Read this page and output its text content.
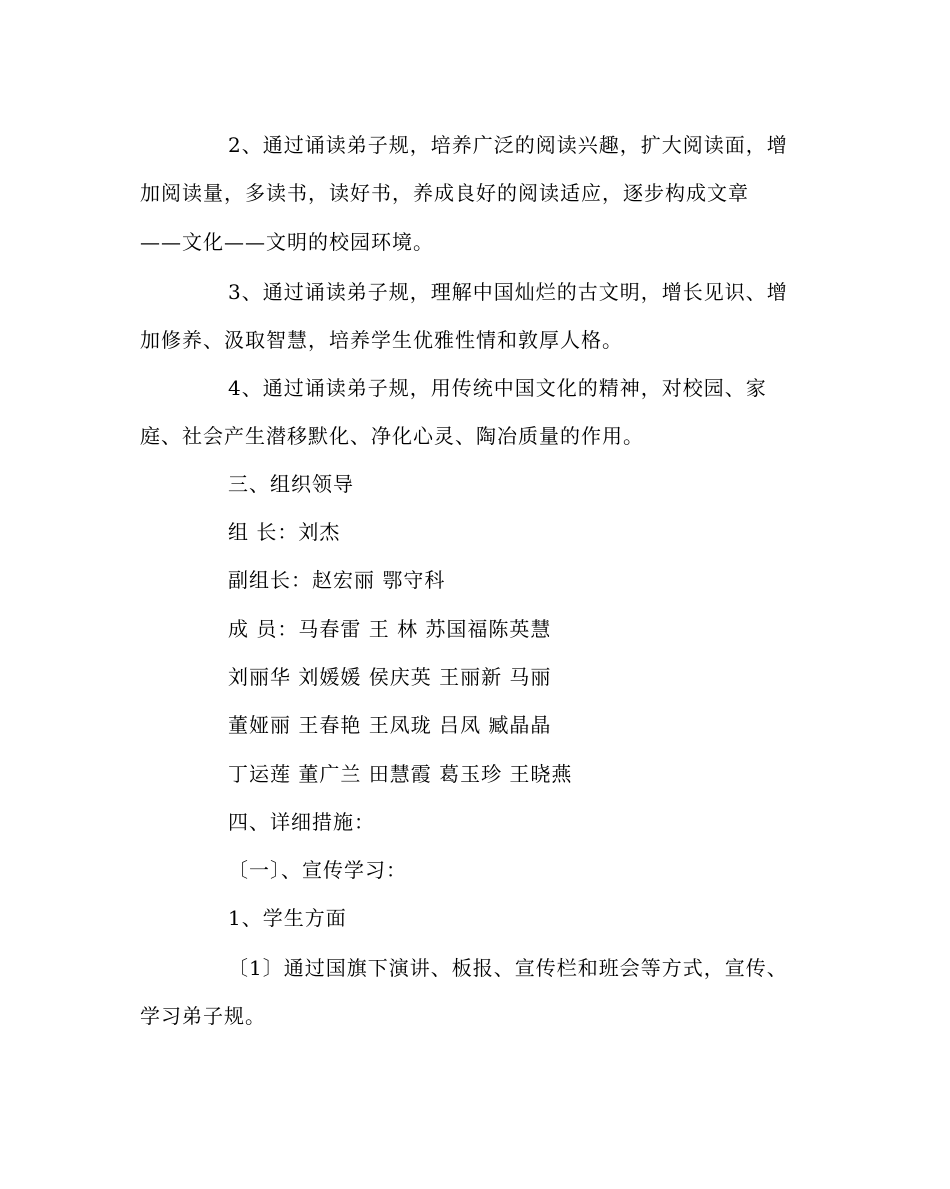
2、通过诵读弟子规，培养广泛的阅读兴趣，扩大阅读面，增
加阅读量，多读书，读好书，养成良好的阅读适应，逐步构成文章
——文化——文明的校园环境。
3、通过诵读弟子规，理解中国灿烂的古文明，增长见识、增
加修养、汲取智慧，培养学生优雅性情和敦厚人格。
4、通过诵读弟子规，用传统中国文化的精神，对校园、家
庭、社会产生潜移默化、净化心灵、陶冶质量的作用。
三、组织领导
组 长：刘杰
副组长：赵宏丽 鄂守科
成 员：马春雷 王 林 苏国福陈英慧
刘丽华 刘媛媛 侯庆英 王丽新 马丽
董娅丽 王春艳 王凤珑 吕凤 臧晶晶
丁运莲 董广兰 田慧霞 葛玉珍 王晓燕
四、详细措施：
〔一〕、宣传学习：
1、学生方面
〔1〕通过国旗下演讲、板报、宣传栏和班会等方式，宣传、
学习弟子规。
